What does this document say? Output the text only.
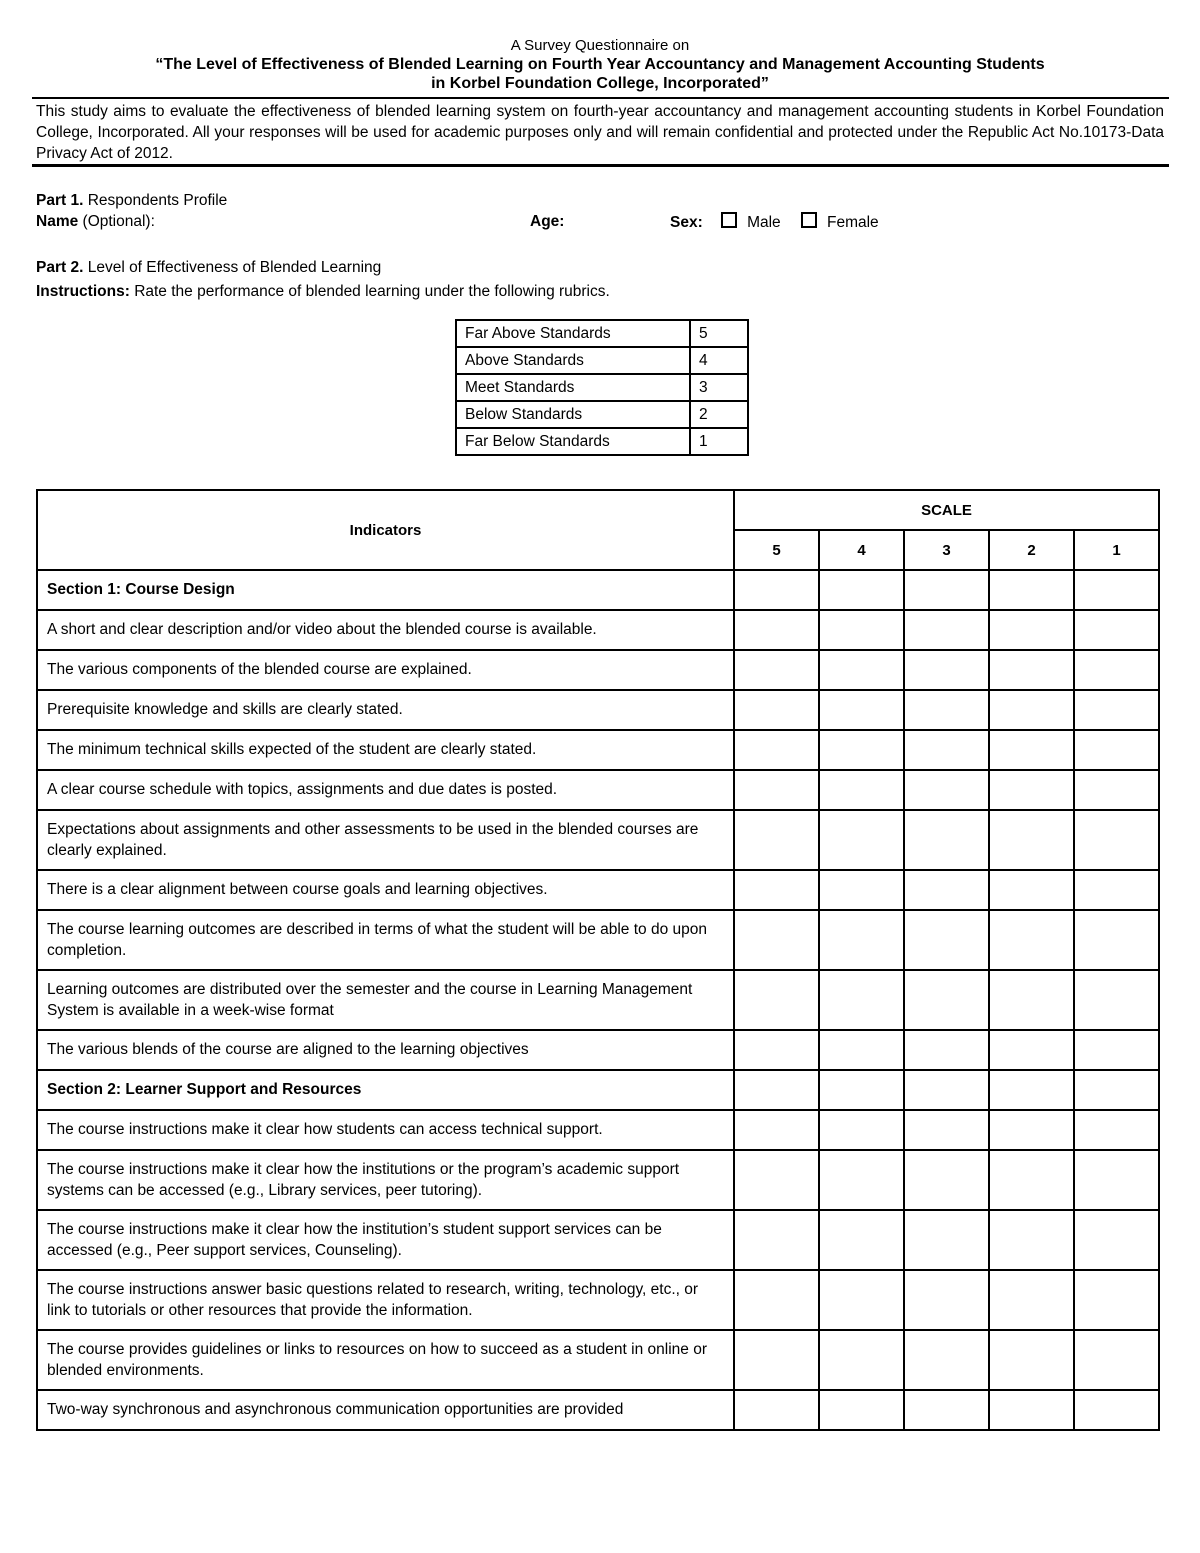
A Survey Questionnaire on
“The Level of Effectiveness of Blended Learning on Fourth Year Accountancy and Management Accounting Students
in Korbel Foundation College, Incorporated”
This study aims to evaluate the effectiveness of blended learning system on fourth-year accountancy and management accounting students in Korbel Foundation College, Incorporated. All your responses will be used for academic purposes only and will remain confidential and protected under the Republic Act No.10173-Data Privacy Act of 2012.
Part 1. Respondents Profile
Name (Optional):	Age:	Sex:	Male	Female
Part 2. Level of Effectiveness of Blended Learning
Instructions: Rate the performance of blended learning under the following rubrics.
Far Above Standards	5
Above Standards	4
Meet Standards	3
Below Standards	2
Far Below Standards	1
Indicators	SCALE				
	5	4	3	2	1
Section 1: Course Design					
A short and clear description and/or video about the blended course is available.					
The various components of the blended course are explained.					
Prerequisite knowledge and skills are clearly stated.					
The minimum technical skills expected of the student are clearly stated.					
A clear course schedule with topics, assignments and due dates is posted.					
Expectations about assignments and other assessments to be used in the blended courses are clearly explained.					
There is a clear alignment between course goals and learning objectives.					
The course learning outcomes are described in terms of what the student will be able to do upon completion.					
Learning outcomes are distributed over the semester and the course in Learning Management System is available in a week-wise format					
The various blends of the course are aligned to the learning objectives					
Section 2: Learner Support and Resources					
The course instructions make it clear how students can access technical support.					
The course instructions make it clear how the institutions or the program’s academic support systems can be accessed (e.g., Library services, peer tutoring).					
The course instructions make it clear how the institution’s student support services can be accessed (e.g., Peer support services, Counseling).					
The course instructions answer basic questions related to research, writing, technology, etc., or link to tutorials or other resources that provide the information.					
The course provides guidelines or links to resources on how to succeed as a student in online or blended environments.					
Two-way synchronous and asynchronous communication opportunities are provided					
